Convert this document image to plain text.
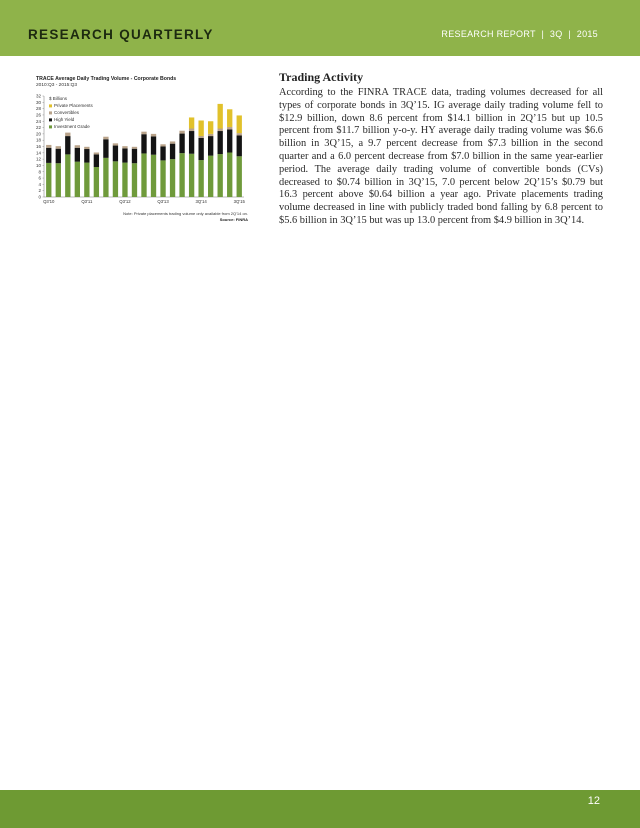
RESEARCH QUARTERLY	RESEARCH REPORT | 3Q | 2015
TRACE Average Daily Trading Volume - Corporate Bonds
2010:Q3 - 2015:Q3
0
2
4
6
8
10
12
14
16
18
20
22
24
26
28
30
32 $ Billions
Q3'10	Q3'11	Q3'12	Q3'13	3Q'14	3Q'15
Private Placements
Convertibles
High Yield
Investment Grade
Note: Private placements trading volume only available from 2Q'14 on.
Source: FINRA
Trading Activity

According to the FINRA TRACE data, trading volumes decreased for all types of corporate bonds in 3Q’15. IG average daily trading volume fell to $12.9 billion, down 8.6 percent from $14.1 billion in 2Q’15 but up 10.5 percent from $11.7 billion y-o-y. HY average daily trading volume was $6.6 billion in 3Q’15, a 9.7 percent decrease from $7.3 billion in the second quarter and a 6.0 percent decrease from $7.0 billion in the same year-earlier period. The average daily trading volume of convertible bonds (CVs) decreased to $0.74 billion in 3Q’15, 7.0 percent below 2Q’15’s $0.79 but 16.3 percent above $0.64 billion a year ago. Private placements trading volume decreased in line with publicly traded bond falling by 6.8 percent to $5.6 billion in 3Q’15 but was up 13.0 percent from $4.9 billion in 3Q’14.

12
